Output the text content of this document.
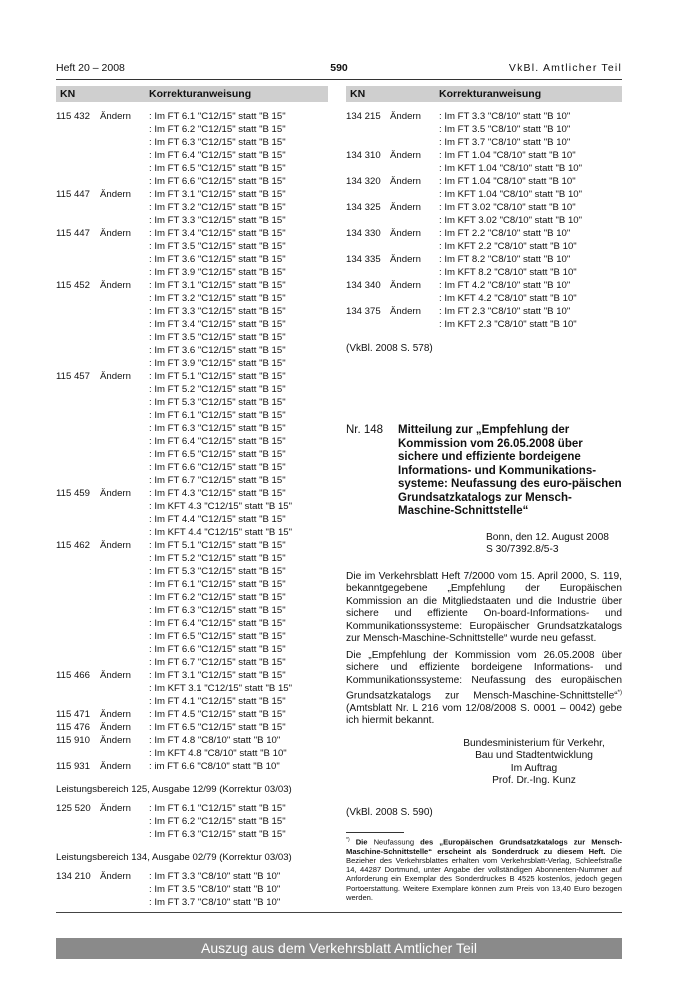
Heft 20 – 2008	590	VkBl. Amtlicher Teil
KN	Korrekturanweisung
115 432 Ändern : Im FT 6.1 "C12/15" statt "B 15"
: Im FT 6.2 "C12/15" statt "B 15"
: Im FT 6.3 "C12/15" statt "B 15"
: Im FT 6.4 "C12/15" statt "B 15"
: Im FT 6.5 "C12/15" statt "B 15"
: Im FT 6.6 "C12/15" statt "B 15"
115 447 Ändern : Im FT 3.1 "C12/15" statt "B 15"
: Im FT 3.2 "C12/15" statt "B 15"
: Im FT 3.3 "C12/15" statt "B 15"
115 447 Ändern : Im FT 3.4 "C12/15" statt "B 15"
: Im FT 3.5 "C12/15" statt "B 15"
: Im FT 3.6 "C12/15" statt "B 15"
: Im FT 3.9 "C12/15" statt "B 15"
115 452 Ändern : Im FT 3.1 "C12/15" statt "B 15"
: Im FT 3.2 "C12/15" statt "B 15"
: Im FT 3.3 "C12/15" statt "B 15"
: Im FT 3.4 "C12/15" statt "B 15"
: Im FT 3.5 "C12/15" statt "B 15"
: Im FT 3.6 "C12/15" statt "B 15"
: Im FT 3.9 "C12/15" statt "B 15"
115 457 Ändern : Im FT 5.1 "C12/15" statt "B 15"
: Im FT 5.2 "C12/15" statt "B 15"
: Im FT 5.3 "C12/15" statt "B 15"
: Im FT 6.1 "C12/15" statt "B 15"
: Im FT 6.3 "C12/15" statt "B 15"
: Im FT 6.4 "C12/15" statt "B 15"
: Im FT 6.5 "C12/15" statt "B 15"
: Im FT 6.6 "C12/15" statt "B 15"
: Im FT 6.7 "C12/15" statt "B 15"
115 459 Ändern : Im FT 4.3 "C12/15" statt "B 15"
: Im KFT 4.3 "C12/15" statt "B 15"
: Im FT 4.4 "C12/15" statt "B 15"
: Im KFT 4.4 "C12/15" statt "B 15"
115 462 Ändern : Im FT 5.1 "C12/15" statt "B 15"
: Im FT 5.2 "C12/15" statt "B 15"
: Im FT 5.3 "C12/15" statt "B 15"
: Im FT 6.1 "C12/15" statt "B 15"
: Im FT 6.2 "C12/15" statt "B 15"
: Im FT 6.3 "C12/15" statt "B 15"
: Im FT 6.4 "C12/15" statt "B 15"
: Im FT 6.5 "C12/15" statt "B 15"
: Im FT 6.6 "C12/15" statt "B 15"
: Im FT 6.7 "C12/15" statt "B 15"
115 466 Ändern : Im FT 3.1 "C12/15" statt "B 15"
: Im KFT 3.1 "C12/15" statt "B 15"
: Im FT 4.1 "C12/15" statt "B 15"
115 471 Ändern : Im FT 4.5 "C12/15" statt "B 15"
115 476 Ändern : Im FT 6.5 "C12/15" statt "B 15"
115 910 Ändern : Im FT 4.8 "C8/10" statt "B 10"
: Im KFT 4.8 "C8/10" statt "B 10"
115 931 Ändern : im FT 6.6 "C8/10" statt "B 10"
Leistungsbereich 125, Ausgabe 12/99 (Korrektur 03/03)
125 520 Ändern : Im FT 6.1 "C12/15" statt "B 15"
: Im FT 6.2 "C12/15" statt "B 15"
: Im FT 6.3 "C12/15" statt "B 15"
Leistungsbereich 134, Ausgabe 02/79 (Korrektur 03/03)
134 210 Ändern : Im FT 3.3 "C8/10" statt "B 10"
: Im FT 3.5 "C8/10" statt "B 10"
: Im FT 3.7 "C8/10" statt "B 10"
KN	Korrekturanweisung
134 215 Ändern : Im FT 3.3 "C8/10" statt "B 10"
: Im FT 3.5 "C8/10" statt "B 10"
: Im FT 3.7 "C8/10" statt "B 10"
134 310 Ändern : Im FT 1.04 "C8/10" statt "B 10"
: Im KFT 1.04 "C8/10" statt "B 10"
134 320 Ändern : Im FT 1.04 "C8/10" statt "B 10"
: Im KFT 1.04 "C8/10" statt "B 10"
134 325 Ändern : Im FT 3.02 "C8/10" statt "B 10"
: Im KFT 3.02 "C8/10" statt "B 10"
134 330 Ändern : Im FT 2.2 "C8/10" statt "B 10"
: Im KFT 2.2 "C8/10" statt "B 10"
134 335 Ändern : Im FT 8.2 "C8/10" statt "B 10"
: Im KFT 8.2 "C8/10" statt "B 10"
134 340 Ändern : Im FT 4.2 "C8/10" statt "B 10"
: Im KFT 4.2 "C8/10" statt "B 10"
134 375 Ändern : Im FT 2.3 "C8/10" statt "B 10"
: Im KFT 2.3 "C8/10" statt "B 10"
(VkBl. 2008 S. 578)
Nr. 148 Mitteilung zur „Empfehlung der Kommission vom 26.05.2008 über sichere und effiziente bordeigene Informations- und Kommunikations-systeme: Neufassung des euro-päischen Grundsatzkatalogs zur Mensch-Maschine-Schnittstelle“
Bonn, den 12. August 2008
S 30/7392.8/5-3
Die im Verkehrsblatt Heft 7/2000 vom 15. April 2000, S. 119, bekanntgegebene „Empfehlung der Europäischen Kommission an die Mitgliedstaaten und die Industrie über sichere und effiziente On-board-Informations- und Kommunikationssysteme: Europäischer Grundsatzkatalogs zur Mensch-Maschine-Schnittstelle“ wurde neu gefasst.
Die „Empfehlung der Kommission vom 26.05.2008 über sichere und effiziente bordeigene Informations- und Kommunikationssysteme: Neufassung des europäischen Grundsatzkatalogs zur Mensch-Maschine-Schnittstelle“*) (Amtsblatt Nr. L 216 vom 12/08/2008 S. 0001 – 0042) gebe ich hiermit bekannt.
Bundesministerium für Verkehr,
Bau und Stadtentwicklung
Im Auftrag
Prof. Dr.-Ing. Kunz
(VkBl. 2008 S. 590)
*) Die Neufassung des „Europäischen Grundsatzkatalogs zur Mensch-Maschine-Schnittstelle“ erscheint als Sonderdruck zu diesem Heft. Die Bezieher des Verkehrsblattes erhalten vom Verkehrsblatt-Verlag, Schleefstraße 14, 44287 Dortmund, unter Angabe der vollständigen Abonnenten-Nummer auf Anforderung ein Exemplar des Sonderdruckes B 4525 kostenlos, jedoch gegen Portoerstattung. Weitere Exemplare können zum Preis von 13,40 Euro bezogen werden.
Auszug aus dem Verkehrsblatt Amtlicher Teil
